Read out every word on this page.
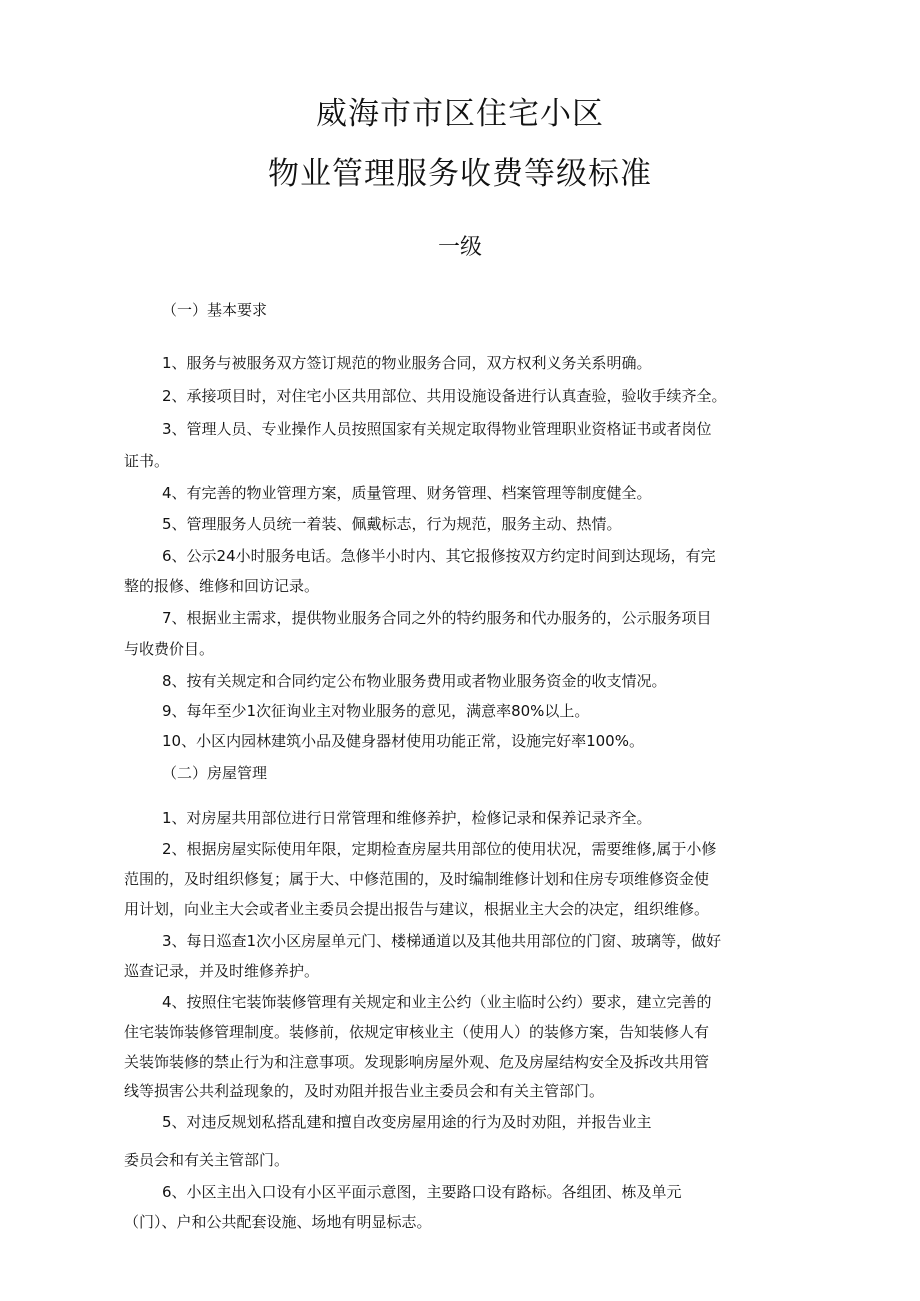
威海市市区住宅小区
物业管理服务收费等级标准
一级
（一）基本要求
1、服务与被服务双方签订规范的物业服务合同，双方权利义务关系明确。
2、承接项目时，对住宅小区共用部位、共用设施设备进行认真查验，验收手续齐全。
3、管理人员、专业操作人员按照国家有关规定取得物业管理职业资格证书或者岗位
证书。
4、有完善的物业管理方案，质量管理、财务管理、档案管理等制度健全。
5、管理服务人员统一着装、佩戴标志，行为规范，服务主动、热情。
6、公示24小时服务电话。急修半小时内、其它报修按双方约定时间到达现场，有完
整的报修、维修和回访记录。
7、根据业主需求，提供物业服务合同之外的特约服务和代办服务的，公示服务项目
与收费价目。
8、按有关规定和合同约定公布物业服务费用或者物业服务资金的收支情况。
9、每年至少1次征询业主对物业服务的意见，满意率80%以上。
10、小区内园林建筑小品及健身器材使用功能正常，设施完好率100%。
（二）房屋管理
1、对房屋共用部位进行日常管理和维修养护，检修记录和保养记录齐全。
2、根据房屋实际使用年限，定期检查房屋共用部位的使用状况，需要维修,属于小修
范围的，及时组织修复；属于大、中修范围的，及时编制维修计划和住房专项维修资金使
用计划，向业主大会或者业主委员会提出报告与建议，根据业主大会的决定，组织维修。
3、每日巡查1次小区房屋单元门、楼梯通道以及其他共用部位的门窗、玻璃等，做好
巡查记录，并及时维修养护。
4、按照住宅装饰装修管理有关规定和业主公约（业主临时公约）要求，建立完善的
住宅装饰装修管理制度。装修前，依规定审核业主（使用人）的装修方案，告知装修人有
关装饰装修的禁止行为和注意事项。发现影响房屋外观、危及房屋结构安全及拆改共用管
线等损害公共利益现象的，及时劝阻并报告业主委员会和有关主管部门。
5、对违反规划私搭乱建和擅自改变房屋用途的行为及时劝阻，并报告业主
委员会和有关主管部门。
6、小区主出入口设有小区平面示意图，主要路口设有路标。各组团、栋及单元
（门）、户和公共配套设施、场地有明显标志。
